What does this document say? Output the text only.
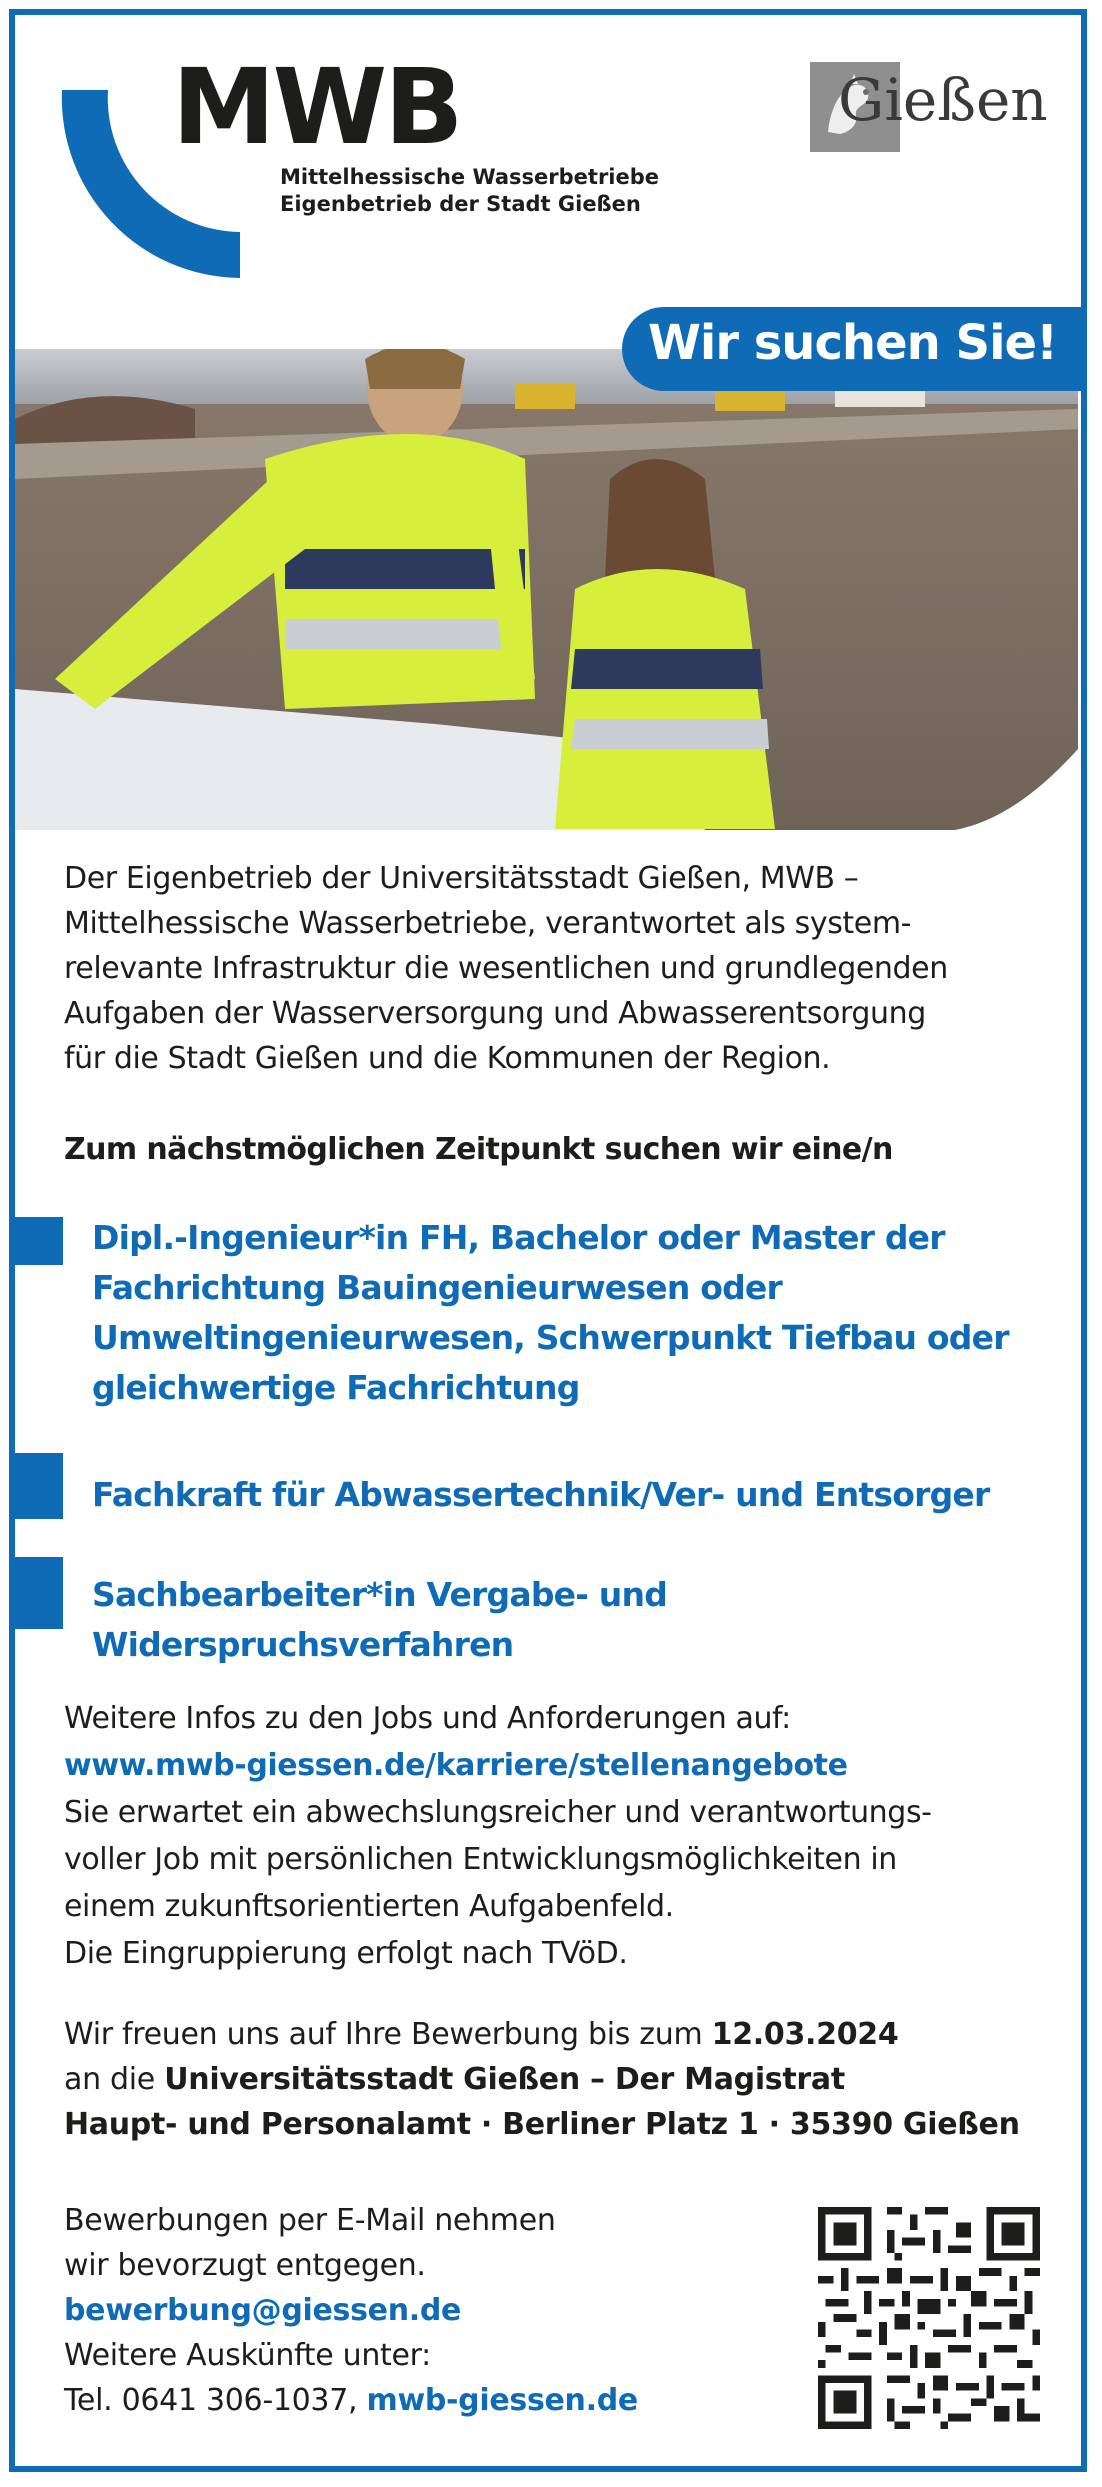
MWB
Mittelhessische Wasserbetriebe
Eigenbetrieb der Stadt Gießen
Gießen
Wir suchen Sie!
Der Eigenbetrieb der Universitätsstadt Gießen, MWB –
Mittelhessische Wasserbetriebe, verantwortet als system-
relevante Infrastruktur die wesentlichen und grundlegenden
Aufgaben der Wasserversorgung und Abwasserentsorgung
für die Stadt Gießen und die Kommunen der Region.
Zum nächstmöglichen Zeitpunkt suchen wir eine/n
Dipl.-Ingenieur*in FH, Bachelor oder Master der
Fachrichtung Bauingenieurwesen oder
Umweltingenieurwesen, Schwerpunkt Tiefbau oder
gleichwertige Fachrichtung
Fachkraft für Abwassertechnik/Ver- und Entsorger
Sachbearbeiter*in Vergabe- und Widerspruchsverfahren
Weitere Infos zu den Jobs und Anforderungen auf:
www.mwb-giessen.de/karriere/stellenangebote
Sie erwartet ein abwechslungsreicher und verantwortungs-
voller Job mit persönlichen Entwicklungsmöglichkeiten in
einem zukunftsorientierten Aufgabenfeld.
Die Eingruppierung erfolgt nach TVöD.
Wir freuen uns auf Ihre Bewerbung bis zum 12.03.2024
an die Universitätsstadt Gießen – Der Magistrat
Haupt- und Personalamt · Berliner Platz 1 · 35390 Gießen
Bewerbungen per E-Mail nehmen
wir bevorzugt entgegen.
bewerbung@giessen.de
Weitere Auskünfte unter:
Tel. 0641 306-1037, mwb-giessen.de
